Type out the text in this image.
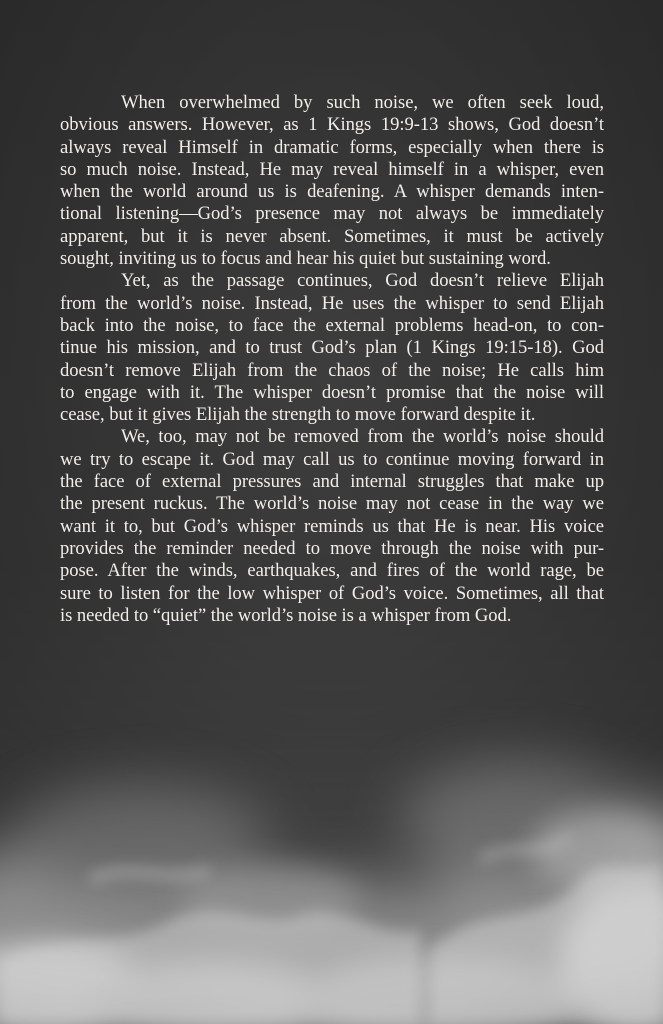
When overwhelmed by such noise, we often seek loud,
obvious answers. However, as 1 Kings 19:9-13 shows, God doesn’t
always reveal Himself in dramatic forms, especially when there is
so much noise. Instead, He may reveal himself in a whisper, even
when the world around us is deafening. A whisper demands inten-
tional listening—God’s presence may not always be immediately
apparent, but it is never absent. Sometimes, it must be actively
sought, inviting us to focus and hear his quiet but sustaining word.
Yet, as the passage continues, God doesn’t relieve Elijah
from the world’s noise. Instead, He uses the whisper to send Elijah
back into the noise, to face the external problems head-on, to con-
tinue his mission, and to trust God’s plan (1 Kings 19:15-18). God
doesn’t remove Elijah from the chaos of the noise; He calls him
to engage with it. The whisper doesn’t promise that the noise will
cease, but it gives Elijah the strength to move forward despite it.
We, too, may not be removed from the world’s noise should
we try to escape it. God may call us to continue moving forward in
the face of external pressures and internal struggles that make up
the present ruckus. The world’s noise may not cease in the way we
want it to, but God’s whisper reminds us that He is near. His voice
provides the reminder needed to move through the noise with pur-
pose. After the winds, earthquakes, and fires of the world rage, be
sure to listen for the low whisper of God’s voice. Sometimes, all that
is needed to “quiet” the world’s noise is a whisper from God.
